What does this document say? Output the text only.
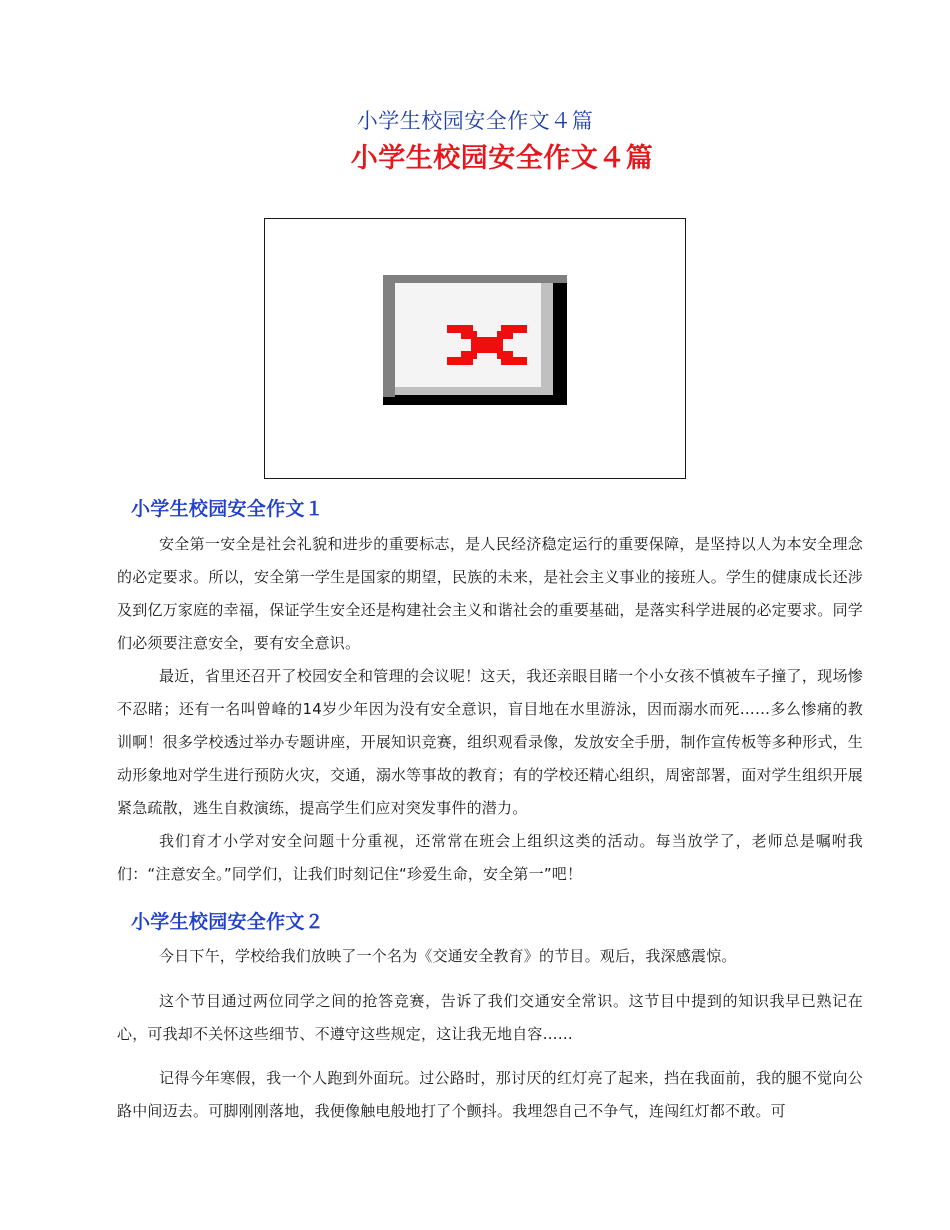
小学生校园安全作文４篇
小学生校园安全作文４篇
小学生校园安全作文１
安全第一安全是社会礼貌和进步的重要标志，是人民经济稳定运行的重要保障，是坚持以人为本安全理念的必定要求。所以，安全第一学生是国家的期望，民族的未来，是社会主义事业的接班人。学生的健康成长还涉及到亿万家庭的幸福，保证学生安全还是构建社会主义和谐社会的重要基础，是落实科学进展的必定要求。同学们必须要注意安全，要有安全意识。
最近，省里还召开了校园安全和管理的会议呢！这天，我还亲眼目睹一个小女孩不慎被车子撞了，现场惨不忍睹；还有一名叫曾峰的14岁少年因为没有安全意识，盲目地在水里游泳，因而溺水而死……多么惨痛的教训啊！很多学校透过举办专题讲座，开展知识竞赛，组织观看录像，发放安全手册，制作宣传板等多种形式，生动形象地对学生进行预防火灾，交通，溺水等事故的教育；有的学校还精心组织，周密部署，面对学生组织开展紧急疏散，逃生自救演练，提高学生们应对突发事件的潜力。
我们育才小学对安全问题十分重视，还常常在班会上组织这类的活动。每当放学了，老师总是嘱咐我们：“注意安全。”同学们，让我们时刻记住“珍爱生命，安全第一”吧！
小学生校园安全作文２
今日下午，学校给我们放映了一个名为《交通安全教育》的节目。观后，我深感震惊。
这个节目通过两位同学之间的抢答竞赛，告诉了我们交通安全常识。这节目中提到的知识我早已熟记在心，可我却不关怀这些细节、不遵守这些规定，这让我无地自容……
记得今年寒假，我一个人跑到外面玩。过公路时，那讨厌的红灯亮了起来，挡在我面前，我的腿不觉向公路中间迈去。可脚刚刚落地，我便像触电般地打了个颤抖。我埋怨自己不争气，连闯红灯都不敢。可
